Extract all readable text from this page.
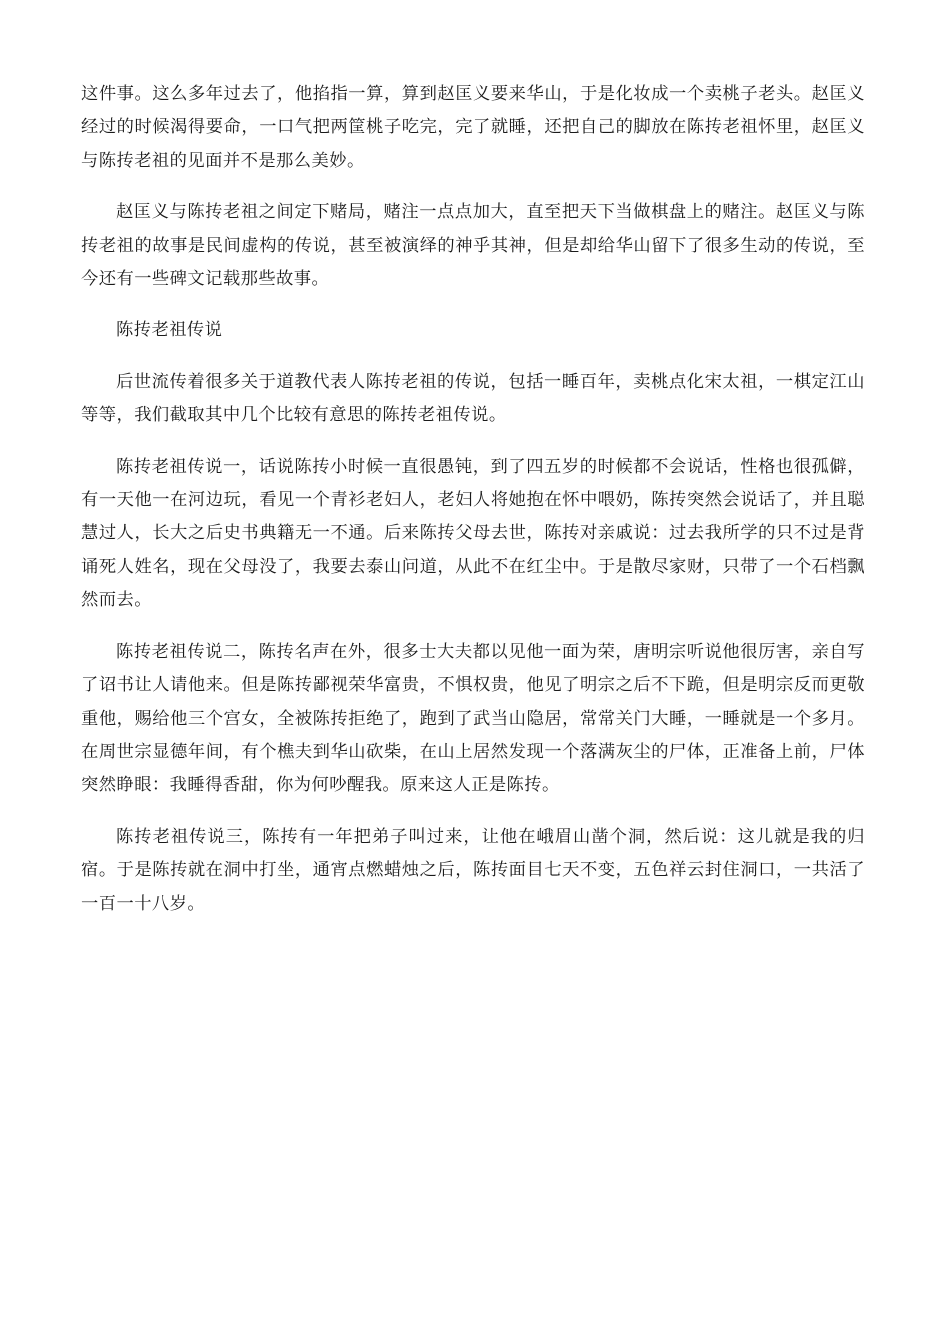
这件事。这么多年过去了，他掐指一算，算到赵匡义要来华山，于是化妆成一个卖桃子老头。赵匡义经过的时候渴得要命，一口气把两筐桃子吃完，完了就睡，还把自己的脚放在陈抟老祖怀里，赵匡义与陈抟老祖的见面并不是那么美妙。

赵匡义与陈抟老祖之间定下赌局，赌注一点点加大，直至把天下当做棋盘上的赌注。赵匡义与陈抟老祖的故事是民间虚构的传说，甚至被演绎的神乎其神，但是却给华山留下了很多生动的传说，至今还有一些碑文记载那些故事。

陈抟老祖传说

后世流传着很多关于道教代表人陈抟老祖的传说，包括一睡百年，卖桃点化宋太祖，一棋定江山等等，我们截取其中几个比较有意思的陈抟老祖传说。

陈抟老祖传说一，话说陈抟小时候一直很愚钝，到了四五岁的时候都不会说话，性格也很孤僻，有一天他一在河边玩，看见一个青衫老妇人，老妇人将她抱在怀中喂奶，陈抟突然会说话了，并且聪慧过人，长大之后史书典籍无一不通。后来陈抟父母去世，陈抟对亲戚说：过去我所学的只不过是背诵死人姓名，现在父母没了，我要去泰山问道，从此不在红尘中。于是散尽家财，只带了一个石档飘然而去。

陈抟老祖传说二，陈抟名声在外，很多士大夫都以见他一面为荣，唐明宗听说他很厉害，亲自写了诏书让人请他来。但是陈抟鄙视荣华富贵，不惧权贵，他见了明宗之后不下跪，但是明宗反而更敬重他，赐给他三个宫女，全被陈抟拒绝了，跑到了武当山隐居，常常关门大睡，一睡就是一个多月。在周世宗显德年间，有个樵夫到华山砍柴，在山上居然发现一个落满灰尘的尸体，正准备上前，尸体突然睁眼：我睡得香甜，你为何吵醒我。原来这人正是陈抟。

陈抟老祖传说三，陈抟有一年把弟子叫过来，让他在峨眉山凿个洞，然后说：这儿就是我的归宿。于是陈抟就在洞中打坐，通宵点燃蜡烛之后，陈抟面目七天不变，五色祥云封住洞口，一共活了一百一十八岁。
